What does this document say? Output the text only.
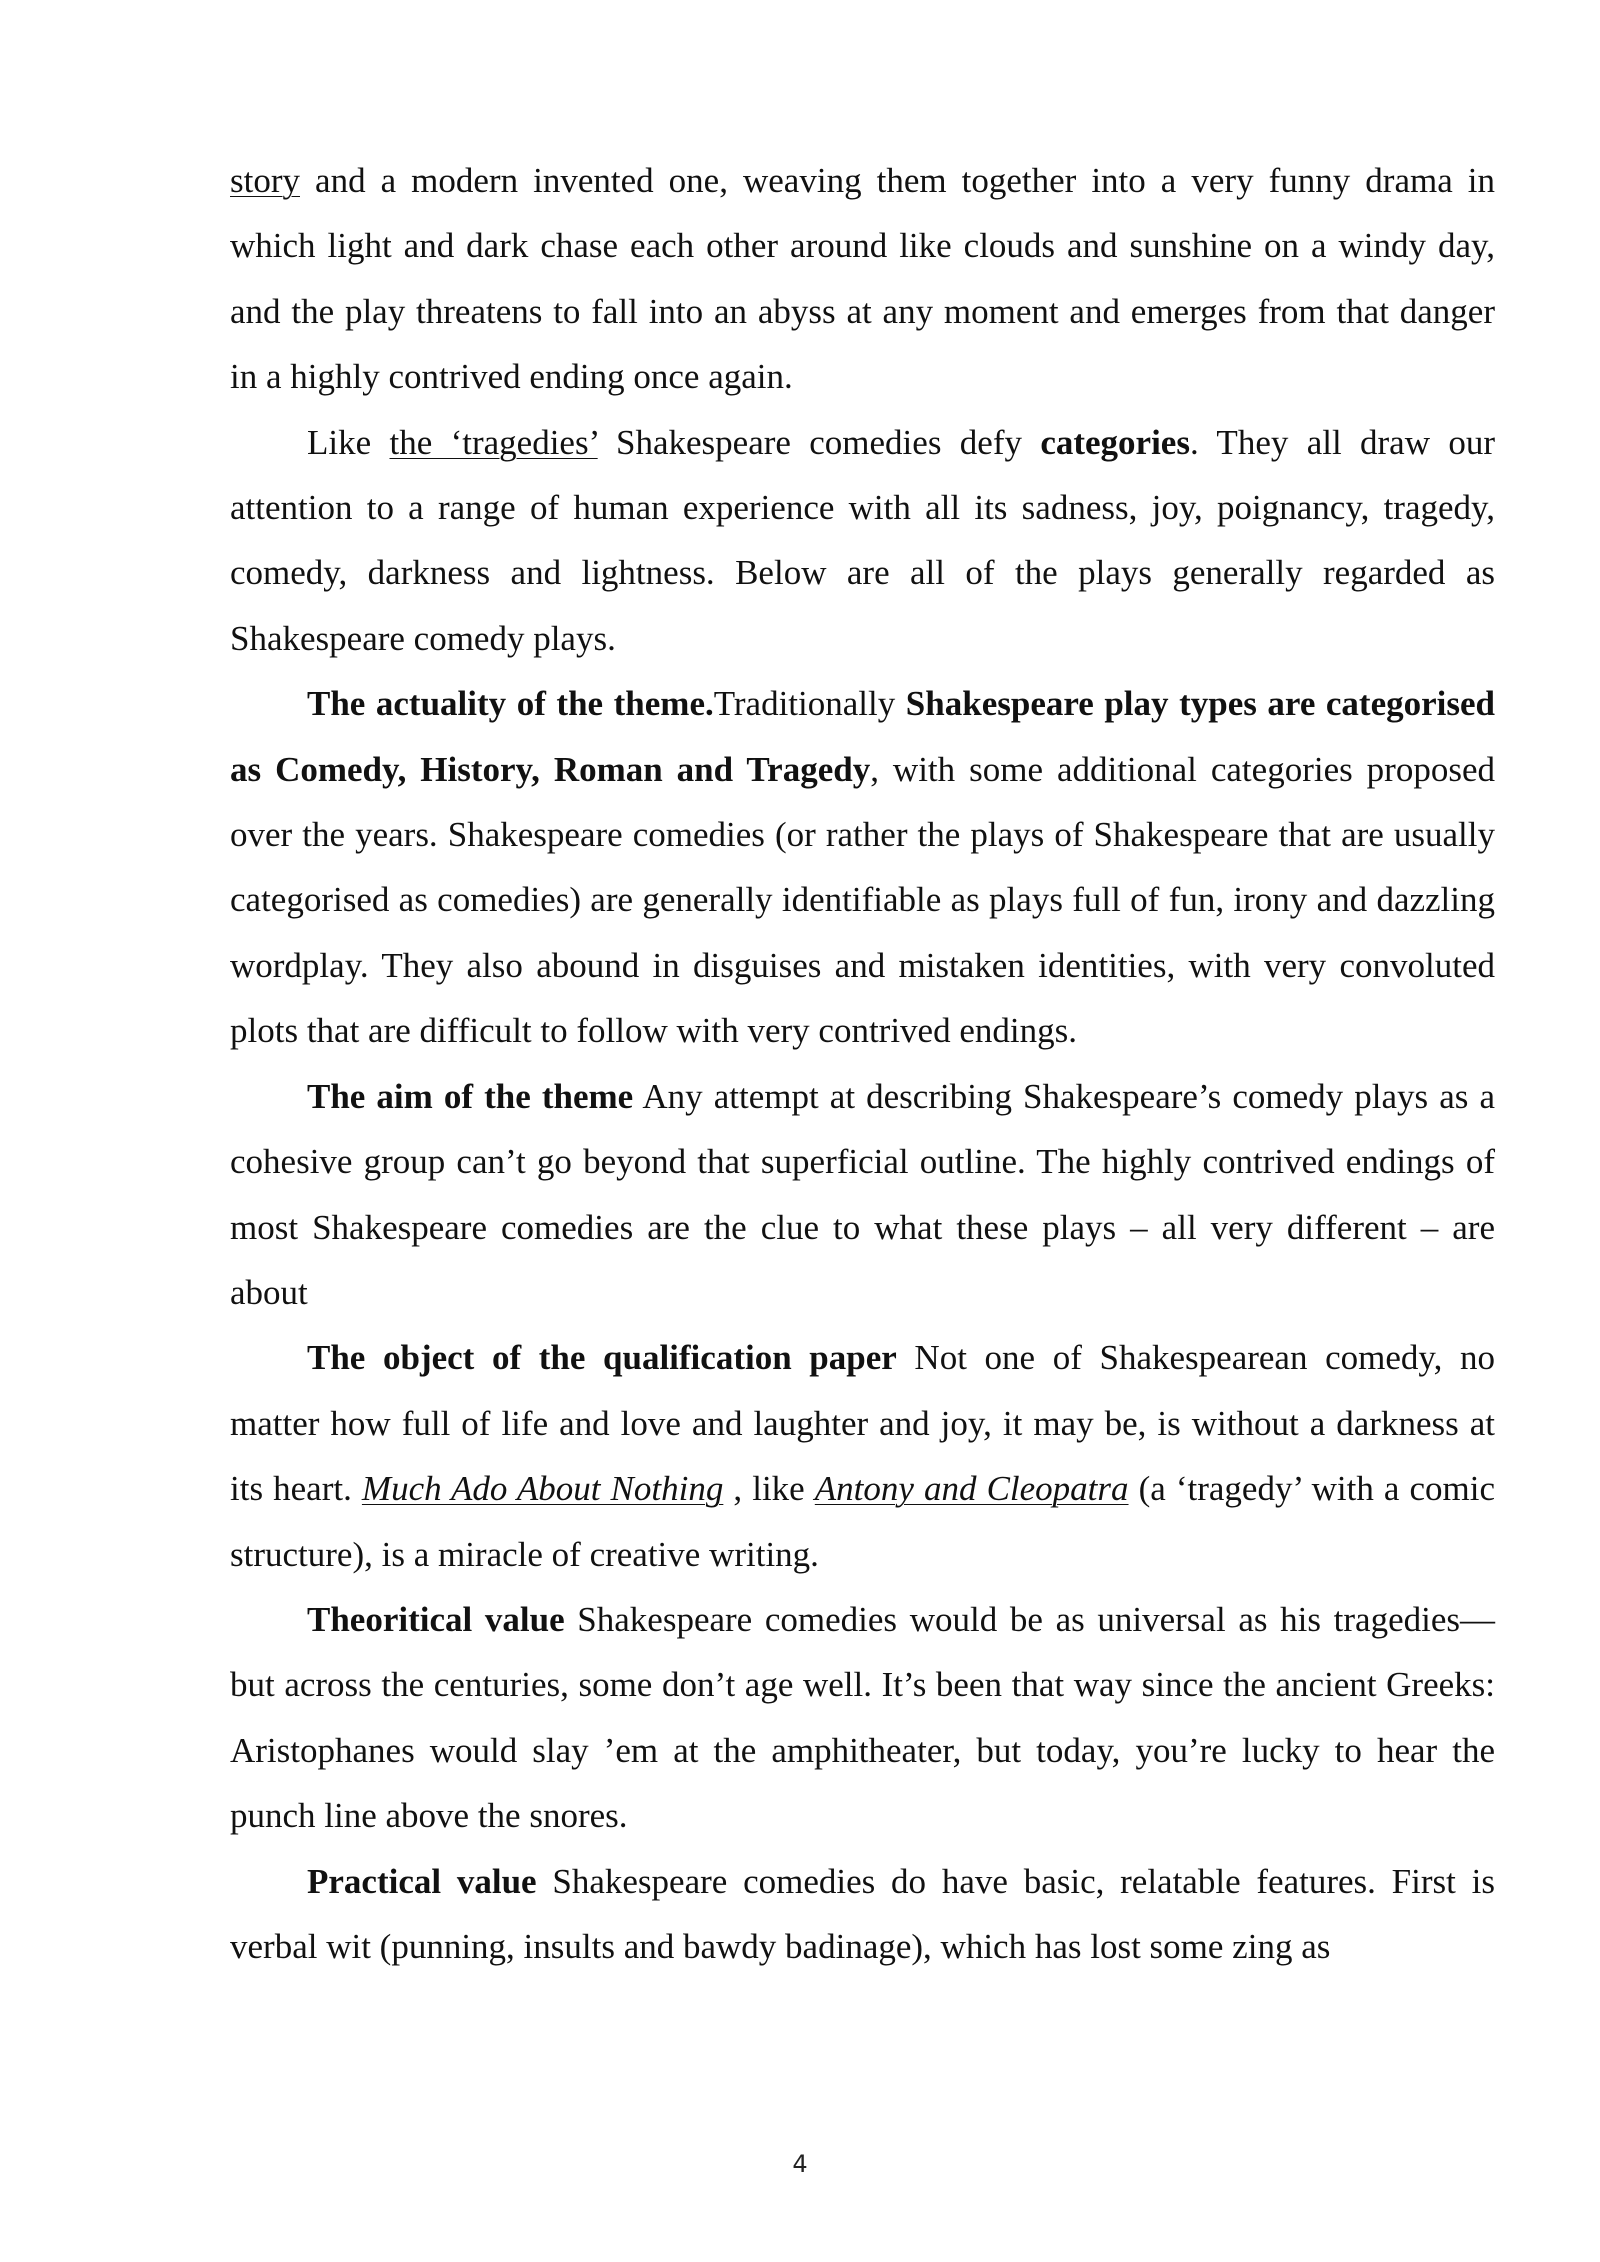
story and a modern invented one, weaving them together into a very funny drama in which light and dark chase each other around like clouds and sunshine on a windy day, and the play threatens to fall into an abyss at any moment and emerges from that danger in a highly contrived ending once again.

Like the ‘tragedies’ Shakespeare comedies defy categories. They all draw our attention to a range of human experience with all its sadness, joy, poignancy, tragedy, comedy, darkness and lightness. Below are all of the plays generally regarded as Shakespeare comedy plays.

The actuality of the theme.Traditionally Shakespeare play types are categorised as Comedy, History, Roman and Tragedy, with some additional categories proposed over the years. Shakespeare comedies (or rather the plays of Shakespeare that are usually categorised as comedies) are generally identifiable as plays full of fun, irony and dazzling wordplay. They also abound in disguises and mistaken identities, with very convoluted plots that are difficult to follow with very contrived endings.

The aim of the theme Any attempt at describing Shakespeare’s comedy plays as a cohesive group can’t go beyond that superficial outline. The highly contrived endings of most Shakespeare comedies are the clue to what these plays – all very different – are about

The object of the qualification paper Not one of Shakespearean comedy, no matter how full of life and love and laughter and joy, it may be, is without a darkness at its heart. Much Ado About Nothing , like Antony and Cleopatra (a ‘tragedy’ with a comic structure), is a miracle of creative writing.

Theoritical value Shakespeare comedies would be as universal as his tragedies—but across the centuries, some don’t age well. It’s been that way since the ancient Greeks: Aristophanes would slay ’em at the amphitheater, but today, you’re lucky to hear the punch line above the snores.

Practical value Shakespeare comedies do have basic, relatable features. First is verbal wit (punning, insults and bawdy badinage), which has lost some zing as

4
